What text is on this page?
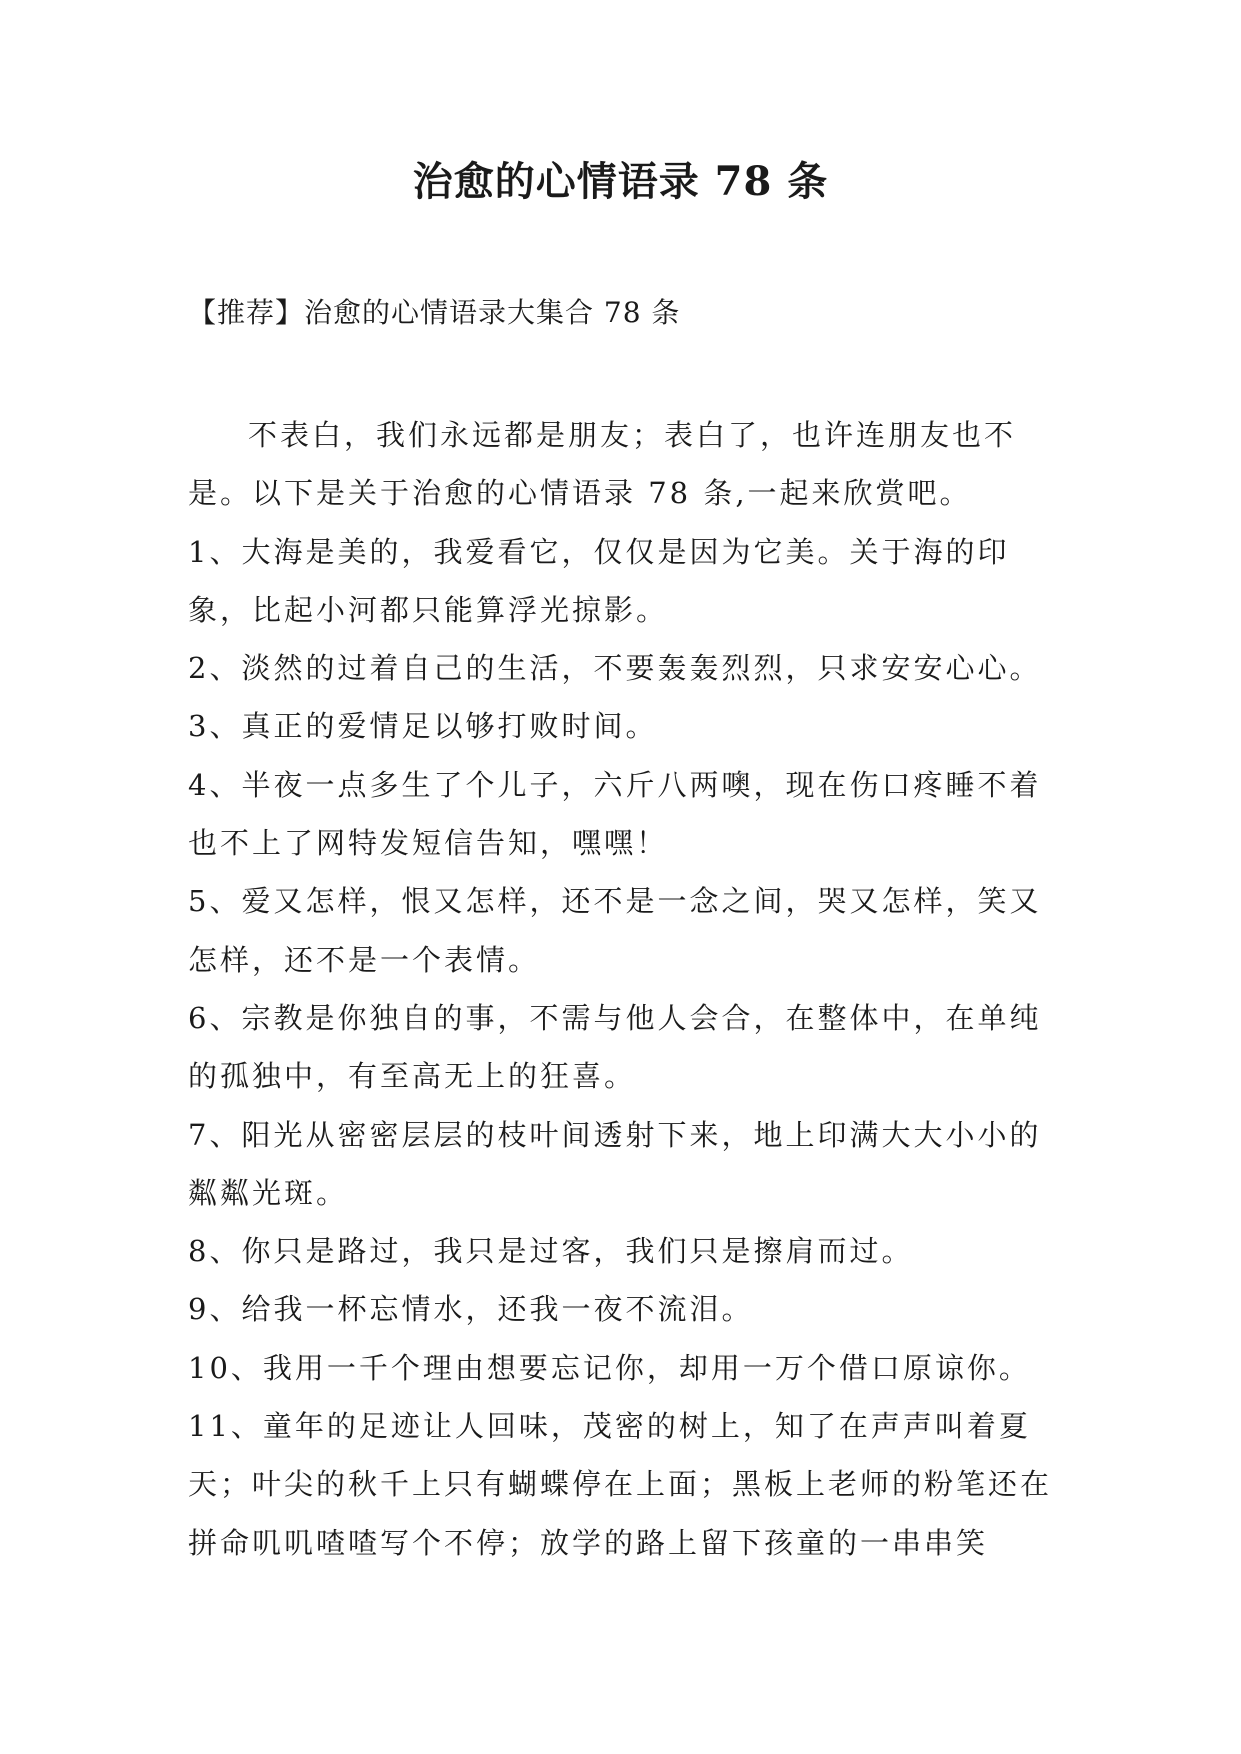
治愈的心情语录 78 条
【推荐】治愈的心情语录大集合 78 条

不表白，我们永远都是朋友；表白了，也许连朋友也不是。以下是关于治愈的心情语录 78 条,一起来欣赏吧。

1、大海是美的，我爱看它，仅仅是因为它美。关于海的印象，比起小河都只能算浮光掠影。

2、淡然的过着自己的生活，不要轰轰烈烈，只求安安心心。

3、真正的爱情足以够打败时间。

4、半夜一点多生了个儿子，六斤八两噢，现在伤口疼睡不着也不上了网特发短信告知，嘿嘿！

5、爱又怎样，恨又怎样，还不是一念之间，哭又怎样，笑又怎样，还不是一个表情。

6、宗教是你独自的事，不需与他人会合，在整体中，在单纯的孤独中，有至高无上的狂喜。

7、阳光从密密层层的枝叶间透射下来，地上印满大大小小的粼粼光斑。

8、你只是路过，我只是过客，我们只是擦肩而过。

9、给我一杯忘情水，还我一夜不流泪。

10、我用一千个理由想要忘记你，却用一万个借口原谅你。

11、童年的足迹让人回味，茂密的树上，知了在声声叫着夏天；叶尖的秋千上只有蝴蝶停在上面；黑板上老师的粉笔还在拼命叽叽喳喳写个不停；放学的路上留下孩童的一串串笑
